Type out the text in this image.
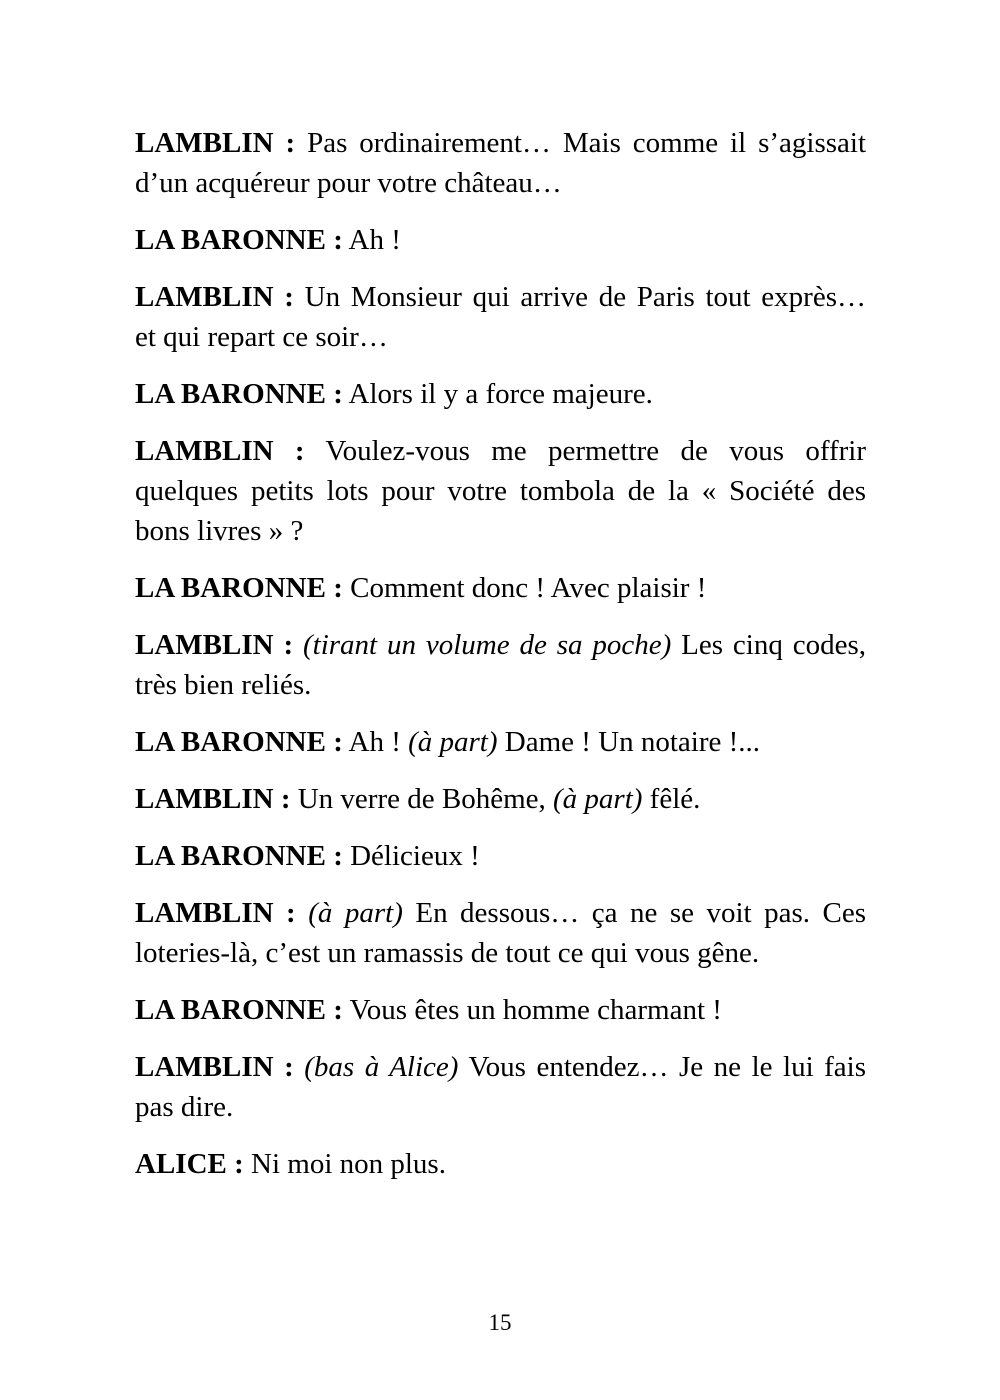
LAMBLIN : Pas ordinairement… Mais comme il s’agissait
d’un acquéreur pour votre château…
LA BARONNE : Ah !
LAMBLIN : Un Monsieur qui arrive de Paris tout exprès…
et qui repart ce soir…
LA BARONNE : Alors il y a force majeure.
LAMBLIN : Voulez-vous me permettre de vous offrir
quelques petits lots pour votre tombola de la « Société des
bons livres » ?
LA BARONNE : Comment donc ! Avec plaisir !
LAMBLIN : (tirant un volume de sa poche) Les cinq codes,
très bien reliés.
LA BARONNE : Ah ! (à part) Dame ! Un notaire !...
LAMBLIN : Un verre de Bohême, (à part) fêlé.
LA BARONNE : Délicieux !
LAMBLIN : (à part) En dessous… ça ne se voit pas. Ces
loteries-là, c’est un ramassis de tout ce qui vous gêne.
LA BARONNE : Vous êtes un homme charmant !
LAMBLIN : (bas à Alice) Vous entendez… Je ne le lui fais
pas dire.
ALICE : Ni moi non plus.
15
